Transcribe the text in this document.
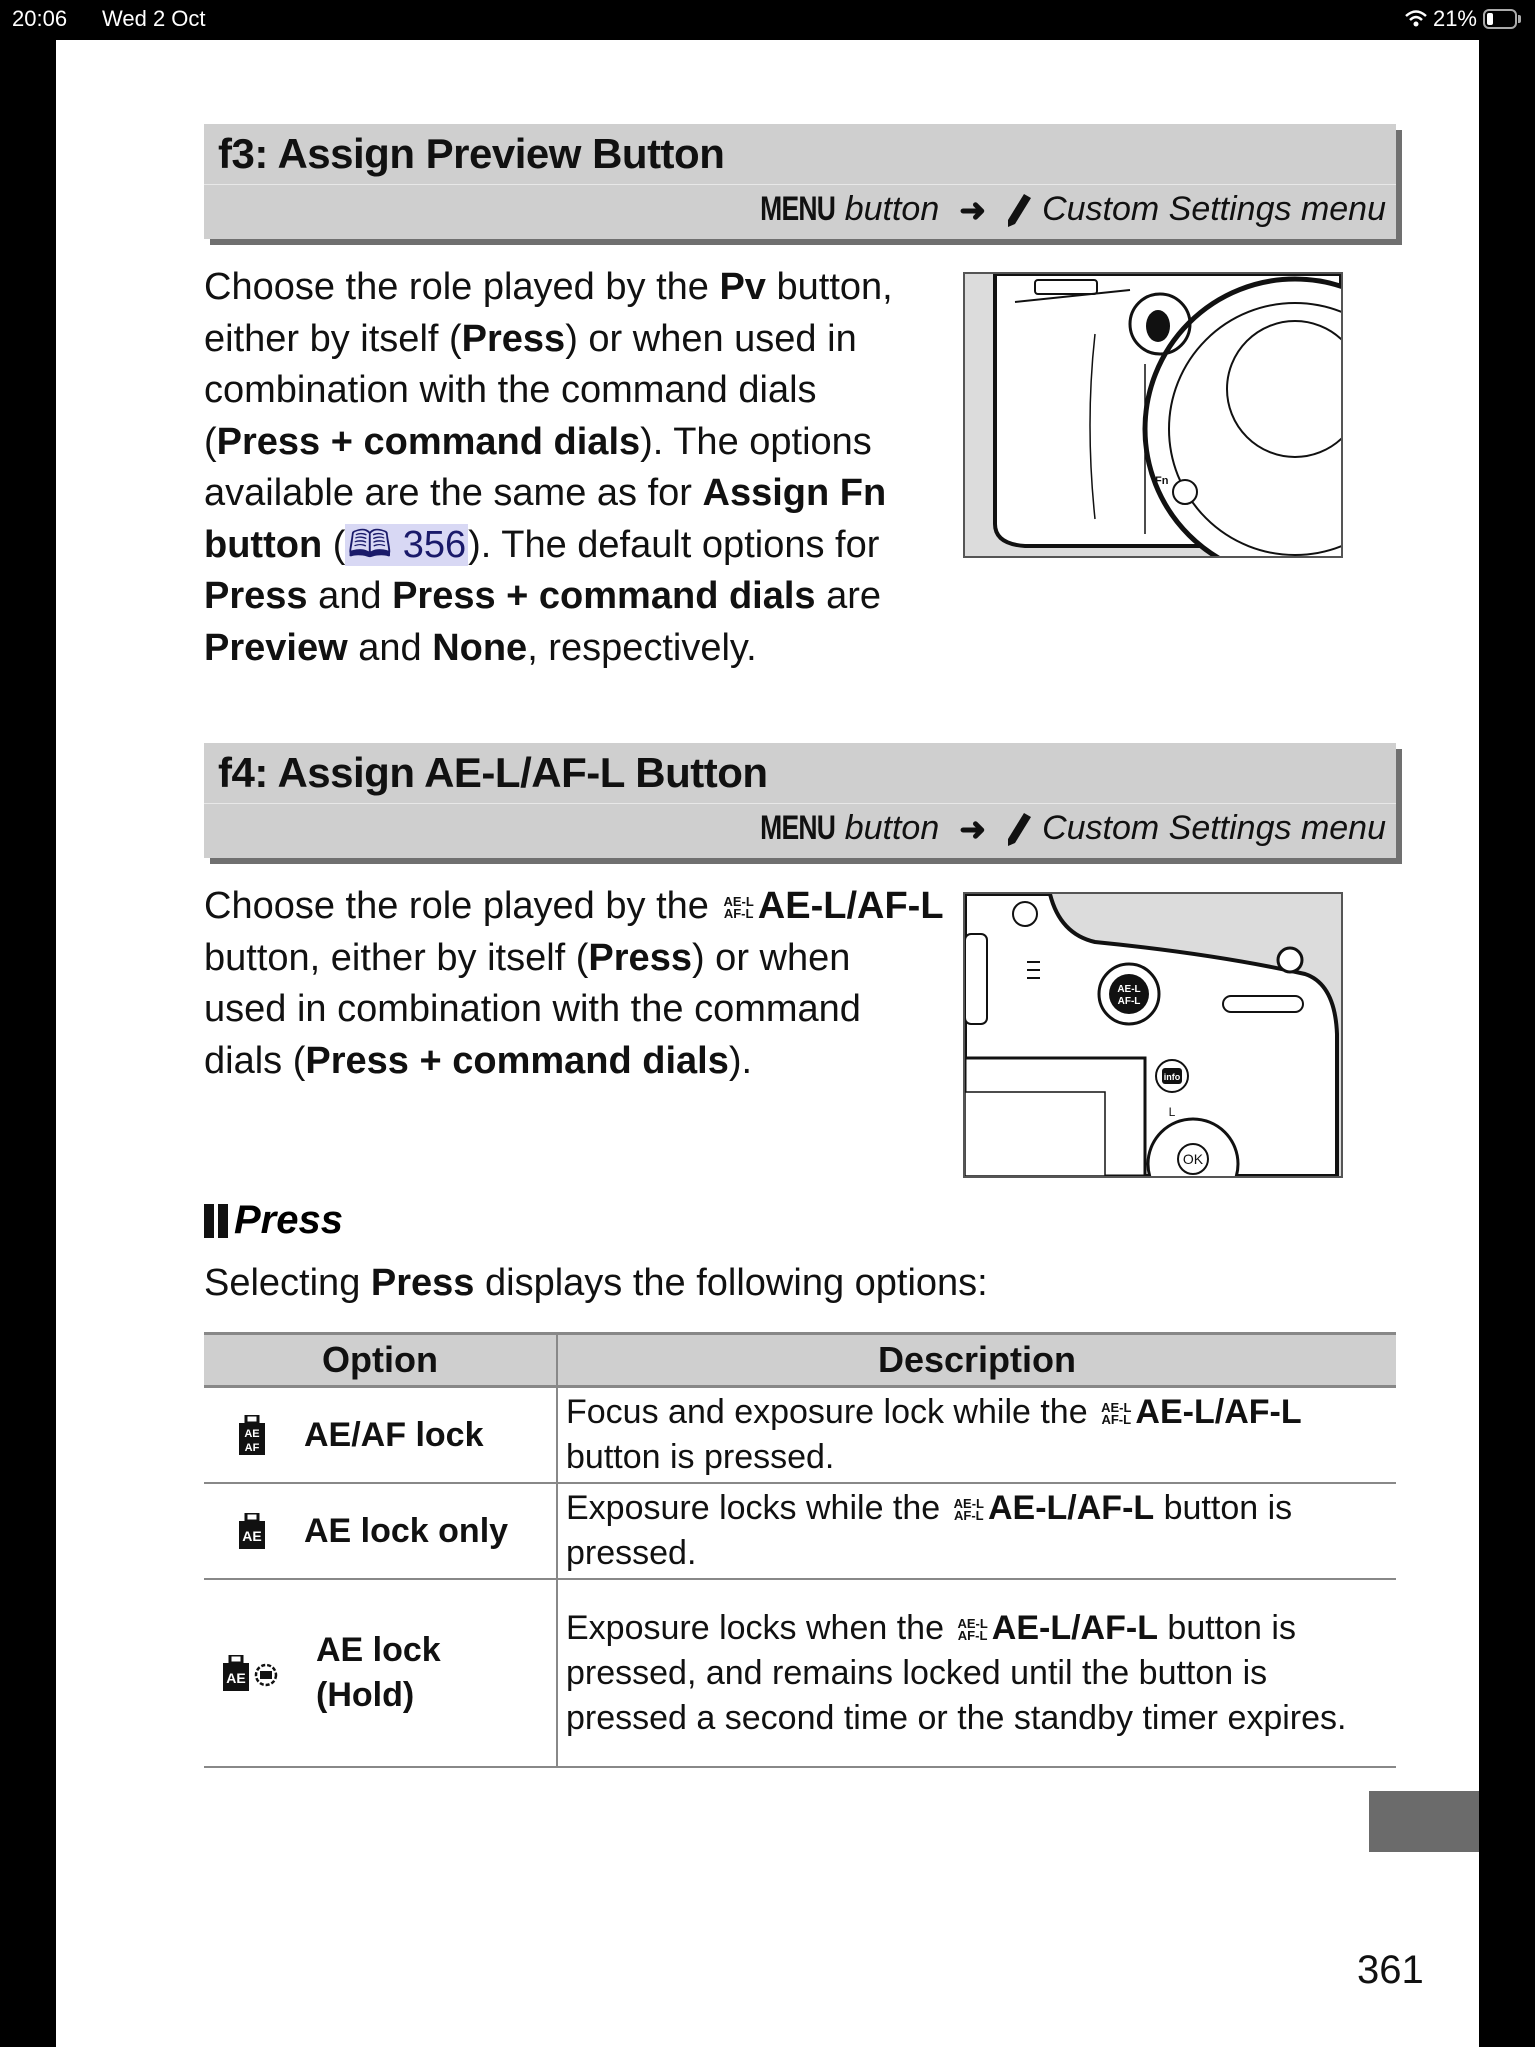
20:06 Wed 2 Oct	21%
f3: Assign Preview Button
MENU button ➜ Custom Settings menu
Choose the role played by the Pv button,
either by itself (Press) or when used in
combination with the command dials
(Press + command dials). The options
available are the same as for Assign Fn
button (🕮 356). The default options for
Press and Press + command dials are
Preview and None, respectively.
Fn
f4: Assign AE-L/AF-L Button
MENU button ➜ Custom Settings menu
Choose the role played by the AE-L
AF-L AE-L/AF-L
button, either by itself (Press) or when
used in combination with the command
dials (Press + command dials).
AE-L
AF-L
info
L
OK
Press
Selecting Press displays the following options:
Option	Description

AE
AF AE/AF lock	Focus and exposure lock while the AE-L
AF-L AE-L/AF-L button is pressed.

AE AE lock only	Exposure locks while the AE-L
AF-L AE-L/AF-L button is pressed.

AE
AE lock (Hold)	Exposure locks when the AE-L
AF-L AE-L/AF-L button is pressed, and remains locked until the button is pressed a second time or the standby timer expires.
361
